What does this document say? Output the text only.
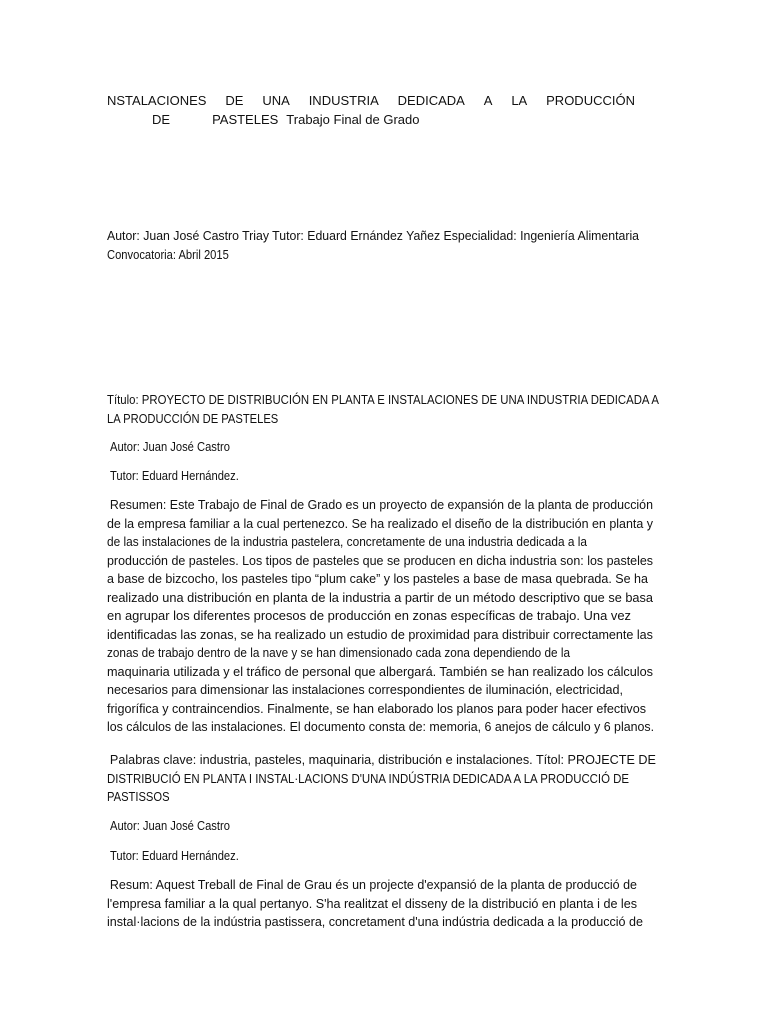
NSTALACIONES DE UNA INDUSTRIA DEDICADA A LA PRODUCCIÓN
DE	PASTELES Trabajo Final de Grado
Autor: Juan José Castro Triay Tutor: Eduard Ernández Yañez Especialidad: Ingeniería Alimentaria
Convocatoria: Abril 2015
Título: PROYECTO DE DISTRIBUCIÓN EN PLANTA E INSTALACIONES DE UNA INDUSTRIA DEDICADA A
LA PRODUCCIÓN DE PASTELES
Autor: Juan José Castro
Tutor: Eduard Hernández.
Resumen: Este Trabajo de Final de Grado es un proyecto de expansión de la planta de producción
de la empresa familiar a la cual pertenezco. Se ha realizado el diseño de la distribución en planta y
de las instalaciones de la industria pastelera, concretamente de una industria dedicada a la
producción de pasteles. Los tipos de pasteles que se producen en dicha industria son: los pasteles
a base de bizcocho, los pasteles tipo “plum cake” y los pasteles a base de masa quebrada. Se ha
realizado una distribución en planta de la industria a partir de un método descriptivo que se basa
en agrupar los diferentes procesos de producción en zonas específicas de trabajo. Una vez
identificadas las zonas, se ha realizado un estudio de proximidad para distribuir correctamente las
zonas de trabajo dentro de la nave y se han dimensionado cada zona dependiendo de la
maquinaria utilizada y el tráfico de personal que albergará. También se han realizado los cálculos
necesarios para dimensionar las instalaciones correspondientes de iluminación, electricidad,
frigorífica y contraincendios. Finalmente, se han elaborado los planos para poder hacer efectivos
los cálculos de las instalaciones. El documento consta de: memoria, 6 anejos de cálculo y 6 planos.
Palabras clave: industria, pasteles, maquinaria, distribución e instalaciones. Títol: PROJECTE DE
DISTRIBUCIÓ EN PLANTA I INSTAL·LACIONS D'UNA INDÚSTRIA DEDICADA A LA PRODUCCIÓ DE
PASTISSOS
Autor: Juan José Castro
Tutor: Eduard Hernández.
Resum: Aquest Treball de Final de Grau és un projecte d'expansió de la planta de producció de
l'empresa familiar a la qual pertanyo. S'ha realitzat el disseny de la distribució en planta i de les
instal·lacions de la indústria pastissera, concretament d'una indústria dedicada a la producció de
